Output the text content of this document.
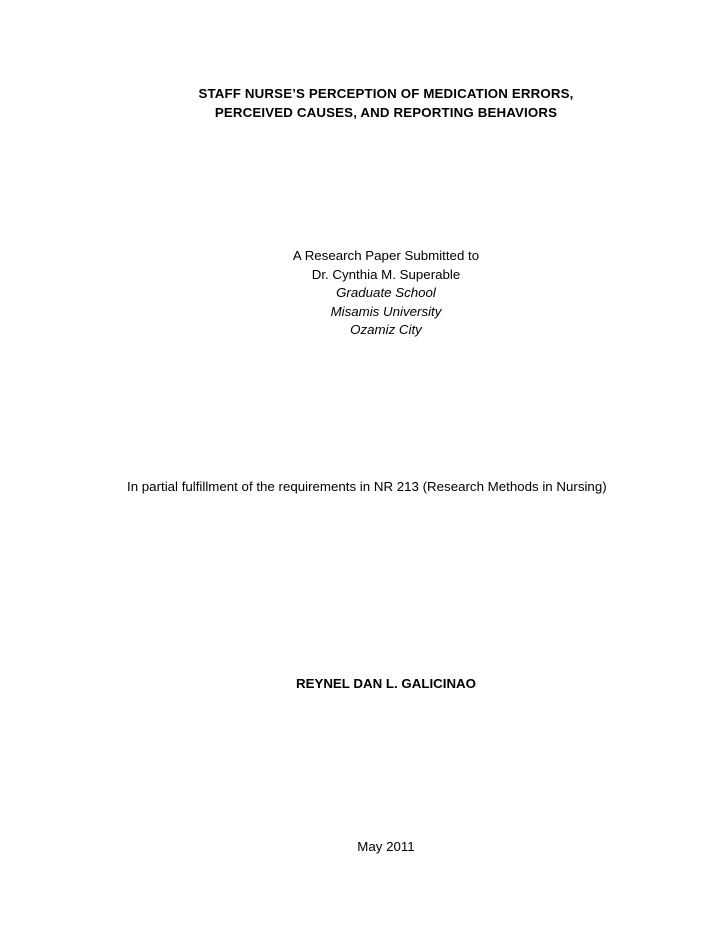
STAFF NURSE’S PERCEPTION OF MEDICATION ERRORS,
PERCEIVED CAUSES, AND REPORTING BEHAVIORS
A Research Paper Submitted to
Dr. Cynthia M. Superable
Graduate School
Misamis University
Ozamiz City
In partial fulfillment of the requirements in NR 213 (Research Methods in Nursing)
REYNEL DAN L. GALICINAO
May 2011
